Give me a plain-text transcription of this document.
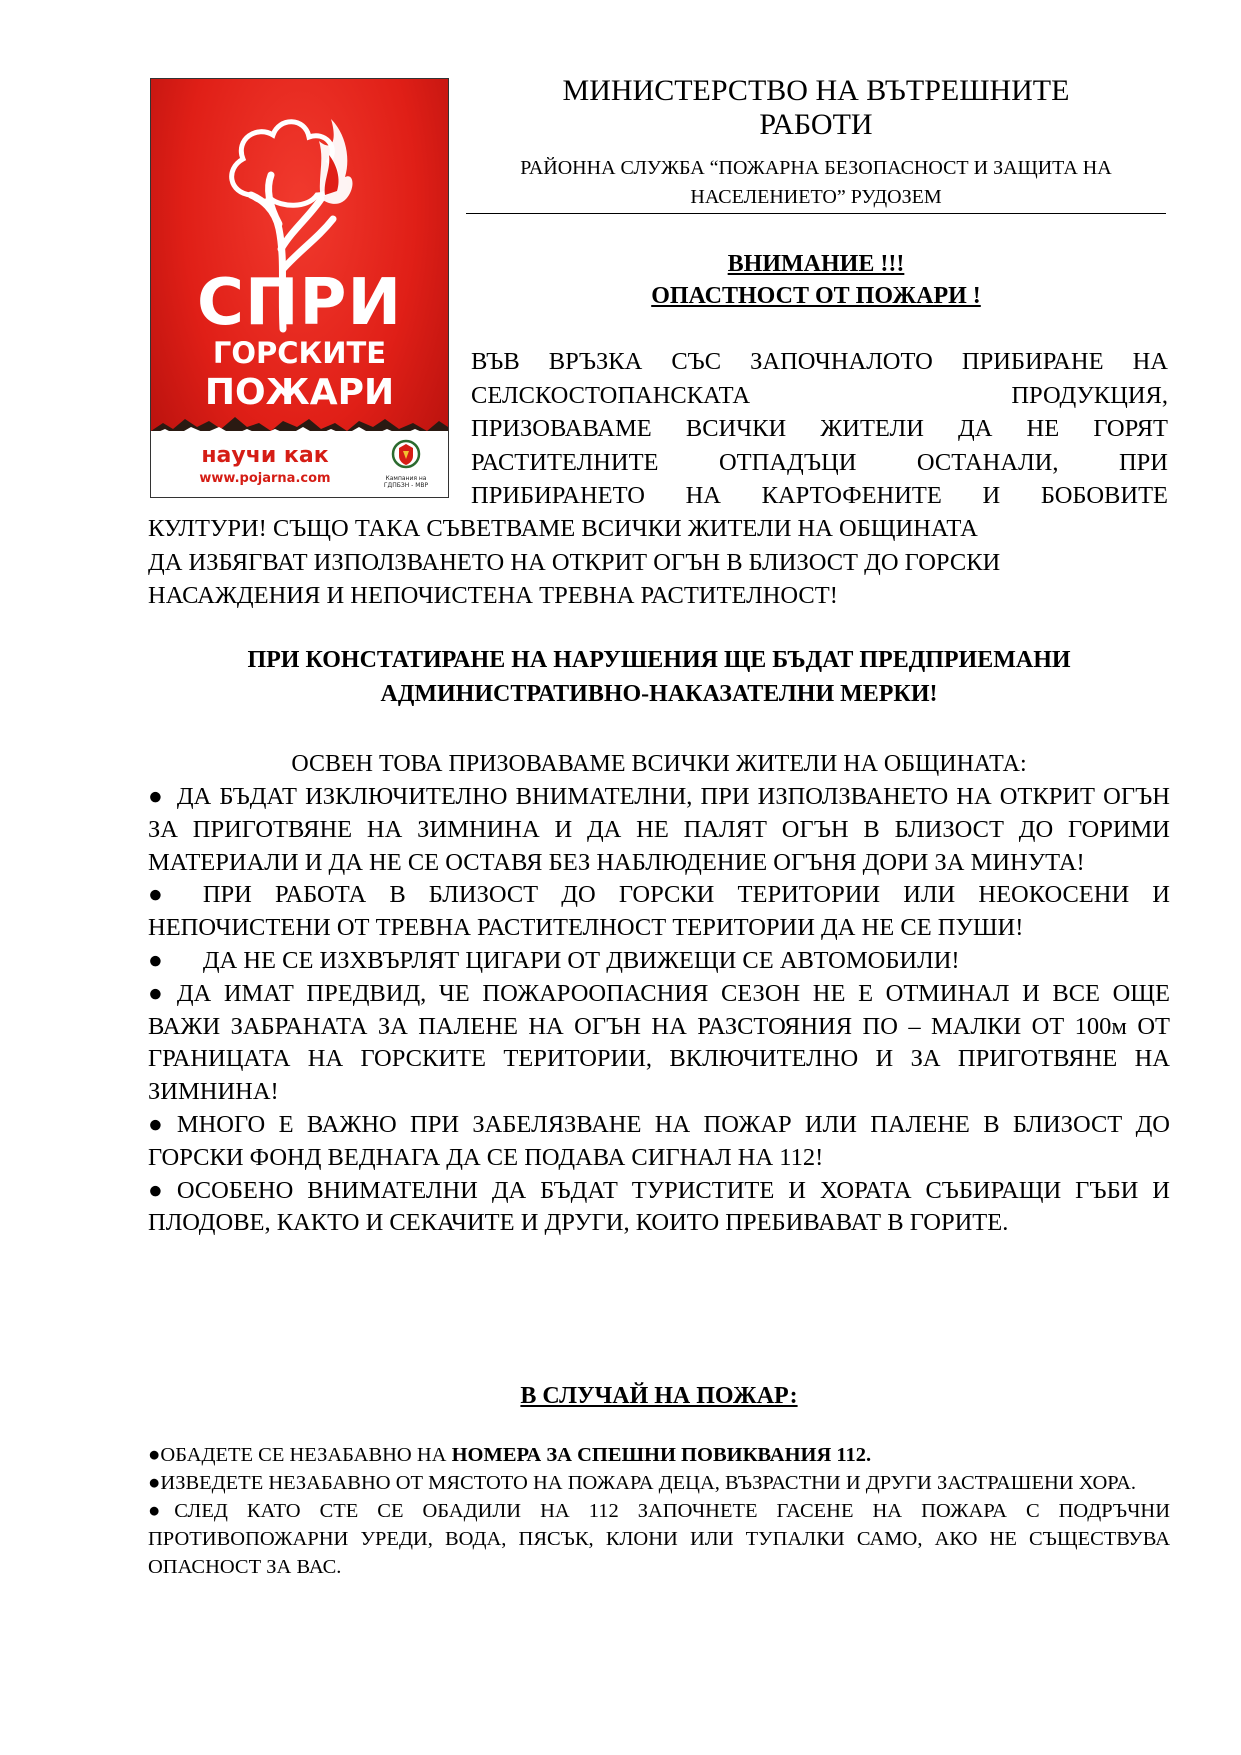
СПРИ
ГОРСКИТЕ
ПОЖАРИ
научи как
www.pojarna.com	Кампания на
ГДПБЗН - МВР
МИНИСТЕРСТВО НА ВЪТРЕШНИТЕ
РАБОТИ
РАЙОННА СЛУЖБА “ПОЖАРНА БЕЗОПАСНОСТ И ЗАЩИТА НА
НАСЕЛЕНИЕТО” РУДОЗЕМ
ВНИМАНИЕ !!!
ОПАСТНОСТ ОТ ПОЖАРИ !
ВЪВ ВРЪЗКА СЪС ЗАПОЧНАЛОТО ПРИБИРАНЕ НА
СЕЛСКОСТОПАНСКАТА ПРОДУКЦИЯ,
ПРИЗОВАВАМЕ ВСИЧКИ ЖИТЕЛИ ДА НЕ ГОРЯТ
РАСТИТЕЛНИТЕ ОТПАДЪЦИ ОСТАНАЛИ, ПРИ
ПРИБИРАНЕТО НА КАРТОФЕНИТЕ И БОБОВИТЕ
КУЛТУРИ! СЪЩО ТАКА СЪВЕТВАМЕ ВСИЧКИ ЖИТЕЛИ НА ОБЩИНАТА
ДА ИЗБЯГВАТ ИЗПОЛЗВАНЕТО НА ОТКРИТ ОГЪН В БЛИЗОСТ ДО ГОРСКИ
НАСАЖДЕНИЯ И НЕПОЧИСТЕНА ТРЕВНА РАСТИТЕЛНОСТ!
ПРИ КОНСТАТИРАНЕ НА НАРУШЕНИЯ ЩЕ БЪДАТ ПРЕДПРИЕМАНИ
АДМИНИСТРАТИВНО-НАКАЗАТЕЛНИ МЕРКИ!
ОСВЕН ТОВА ПРИЗОВАВАМЕ ВСИЧКИ ЖИТЕЛИ НА ОБЩИНАТА:
● ДА БЪДАТ ИЗКЛЮЧИТЕЛНО ВНИМАТЕЛНИ, ПРИ ИЗПОЛЗВАНЕТО НА ОТКРИТ ОГЪН ЗА ПРИГОТВЯНЕ НА ЗИМНИНА И ДА НЕ ПАЛЯТ ОГЪН В БЛИЗОСТ ДО ГОРИМИ МАТЕРИАЛИ И ДА НЕ СЕ ОСТАВЯ БЕЗ НАБЛЮДЕНИЕ ОГЪНЯ ДОРИ ЗА МИНУТА!
● ПРИ РАБОТА В БЛИЗОСТ ДО ГОРСКИ ТЕРИТОРИИ ИЛИ НЕОКОСЕНИ И НЕПОЧИСТЕНИ ОТ ТРЕВНА РАСТИТЕЛНОСТ ТЕРИТОРИИ ДА НЕ СЕ ПУШИ!
● ДА НЕ СЕ ИЗХВЪРЛЯТ ЦИГАРИ ОТ ДВИЖЕЩИ СЕ АВТОМОБИЛИ!
● ДА ИМАТ ПРЕДВИД, ЧЕ ПОЖАРООПАСНИЯ СЕЗОН НЕ Е ОТМИНАЛ И ВСЕ ОЩЕ ВАЖИ ЗАБРАНАТА ЗА ПАЛЕНЕ НА ОГЪН НА РАЗСТОЯНИЯ ПО – МАЛКИ ОТ 100м ОТ ГРАНИЦАТА НА ГОРСКИТЕ ТЕРИТОРИИ, ВКЛЮЧИТЕЛНО И ЗА ПРИГОТВЯНЕ НА ЗИМНИНА!
● МНОГО Е ВАЖНО ПРИ ЗАБЕЛЯЗВАНЕ НА ПОЖАР ИЛИ ПАЛЕНЕ В БЛИЗОСТ ДО ГОРСКИ ФОНД ВЕДНАГА ДА СЕ ПОДАВА СИГНАЛ НА 112!
● ОСОБЕНО ВНИМАТЕЛНИ ДА БЪДАТ ТУРИСТИТЕ И ХОРАТА СЪБИРАЩИ ГЪБИ И ПЛОДОВЕ, КАКТО И СЕКАЧИТЕ И ДРУГИ, КОИТО ПРЕБИВАВАТ В ГОРИТЕ.
В СЛУЧАЙ НА ПОЖАР:
●ОБАДЕТЕ СЕ НЕЗАБАВНО НА НОМЕРА ЗА СПЕШНИ ПОВИКВАНИЯ 112.
●ИЗВЕДЕТЕ НЕЗАБАВНО ОТ МЯСТОТО НА ПОЖАРА ДЕЦА, ВЪЗРАСТНИ И ДРУГИ ЗАСТРАШЕНИ ХОРА.
●СЛЕД КАТО СТЕ СЕ ОБАДИЛИ НА 112 ЗАПОЧНЕТЕ ГАСЕНЕ НА ПОЖАРА С ПОДРЪЧНИ ПРОТИВОПОЖАРНИ УРЕДИ, ВОДА, ПЯСЪК, КЛОНИ ИЛИ ТУПАЛКИ САМО, АКО НЕ СЪЩЕСТВУВА ОПАСНОСТ ЗА ВАС.
